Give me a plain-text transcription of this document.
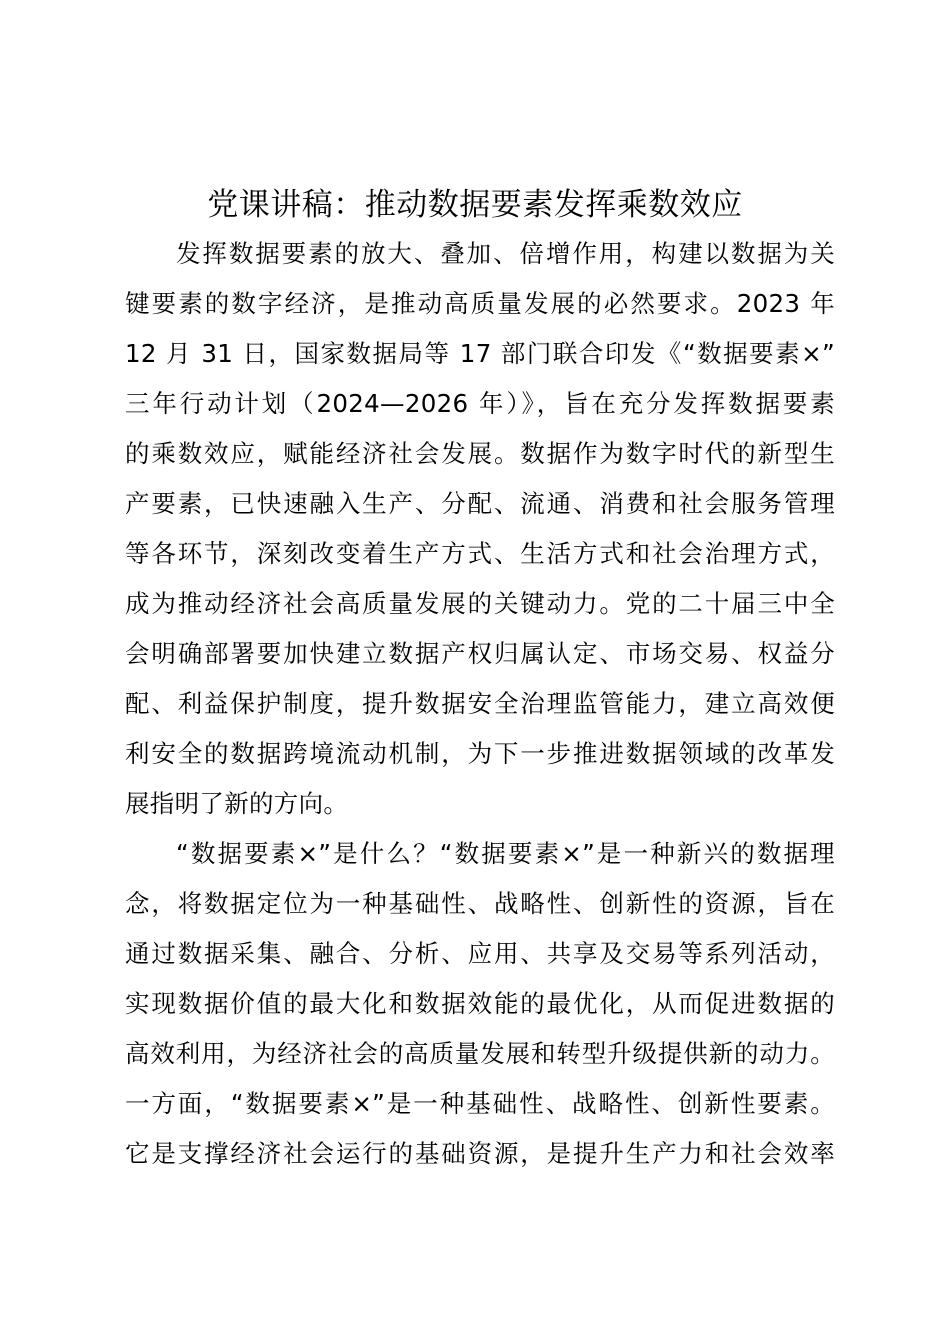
党课讲稿：推动数据要素发挥乘数效应
发挥数据要素的放大、叠加、倍增作用，构建以数据为关
键要素的数字经济，是推动高质量发展的必然要求。2023 年
12 月 31 日，国家数据局等 17 部门联合印发《“数据要素×”
三年行动计划（2024—2026 年）》，旨在充分发挥数据要素
的乘数效应，赋能经济社会发展。数据作为数字时代的新型生
产要素，已快速融入生产、分配、流通、消费和社会服务管理
等各环节，深刻改变着生产方式、生活方式和社会治理方式，
成为推动经济社会高质量发展的关键动力。党的二十届三中全
会明确部署要加快建立数据产权归属认定、市场交易、权益分
配、利益保护制度，提升数据安全治理监管能力，建立高效便
利安全的数据跨境流动机制，为下一步推进数据领域的改革发
展指明了新的方向。
“数据要素×”是什么？“数据要素×”是一种新兴的数据理
念，将数据定位为一种基础性、战略性、创新性的资源，旨在
通过数据采集、融合、分析、应用、共享及交易等系列活动，
实现数据价值的最大化和数据效能的最优化，从而促进数据的
高效利用，为经济社会的高质量发展和转型升级提供新的动力。
一方面，“数据要素×”是一种基础性、战略性、创新性要素。
它是支撑经济社会运行的基础资源，是提升生产力和社会效率
